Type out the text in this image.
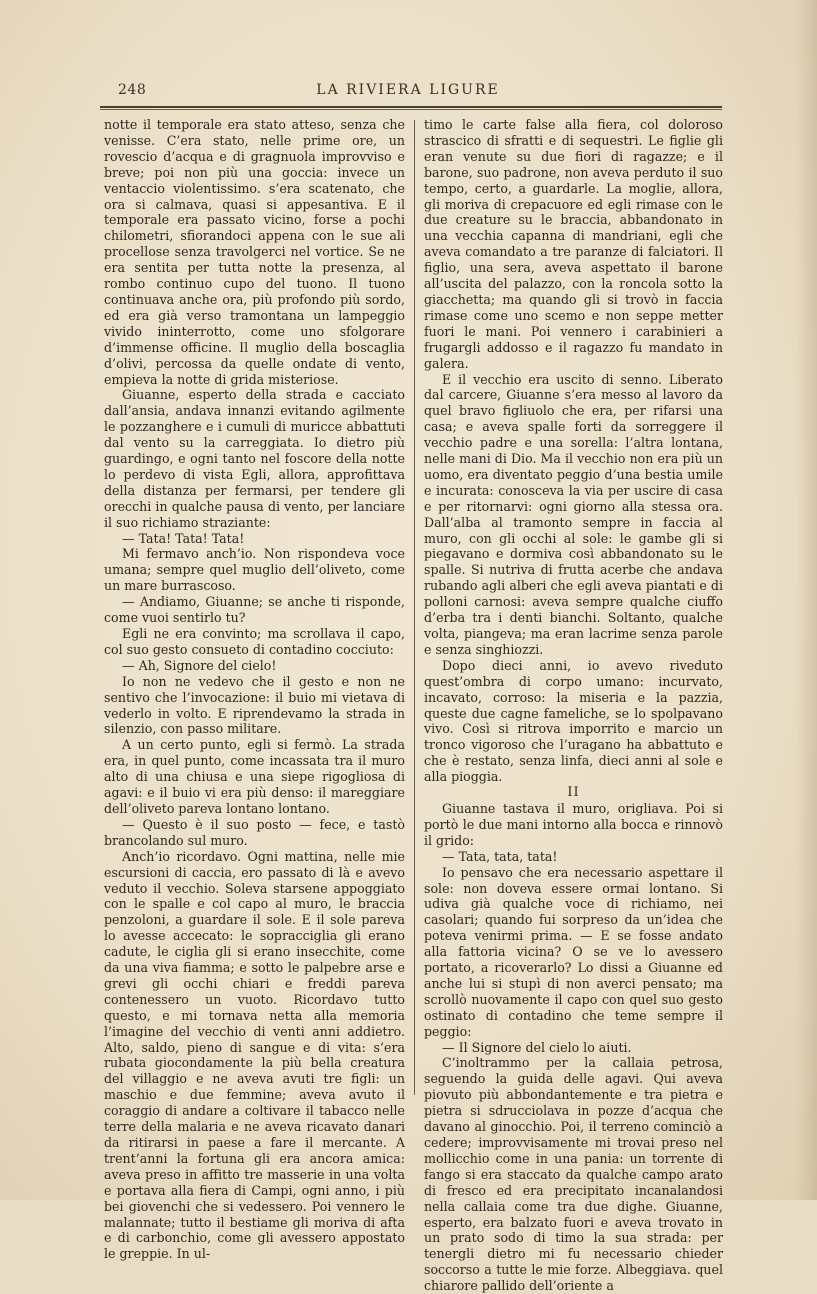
248	LA RIVIERA LIGURE

notte il temporale era stato atteso, senza che venisse. C’era stato, nelle prime ore, un rovescio d’acqua e di gragnuola improvviso e breve; poi non più una goccia: invece un ventaccio violentissimo. s’era scatenato, che ora si calmava, quasi si appesantiva. E il temporale era passato vicino, forse a pochi chilometri, sfiorandoci appena con le sue ali procellose senza travolgerci nel vortice. Se ne era sentita per tutta notte la presenza, al rombo continuo cupo del tuono. Il tuono continuava anche ora, più profondo più sordo, ed era già verso tramontana un lampeggio vivido ininterrotto, come uno sfolgorare d’immense officine. Il muglio della boscaglia d’olivi, percossa da quelle ondate di vento, empieva la notte di grida misteriose.

Giuanne, esperto della strada e cacciato dall’ansia, andava innanzi evitando agilmente le pozzanghere e i cumuli di muricce abbattuti dal vento su la carreggiata. Io dietro più guardingo, e ogni tanto nel foscore della notte lo perdevo di vista Egli, allora, approfittava della distanza per fermarsi, per tendere gli orecchi in qualche pausa di vento, per lanciare il suo richiamo straziante:

— Tata! Tata! Tata!

Mi fermavo anch’io. Non rispondeva voce umana; sempre quel muglio dell’oliveto, come un mare burrascoso.

— Andiamo, Giuanne; se anche ti risponde, come vuoi sentirlo tu?

Egli ne era convinto; ma scrollava il capo, col suo gesto consueto di contadino cocciuto:

— Ah, Signore del cielo!

Io non ne vedevo che il gesto e non ne sentivo che l’invocazione: il buio mi vietava di vederlo in volto. E riprendevamo la strada in silenzio, con passo militare.

A un certo punto, egli si fermò. La strada era, in quel punto, come incassata tra il muro alto di una chiusa e una siepe rigogliosa di agavi: e il buio vi era più denso: il mareggiare dell’oliveto pareva lontano lontano.

— Questo è il suo posto — fece, e tastò brancolando sul muro.

Anch’io ricordavo. Ogni mattina, nelle mie escursioni di caccia, ero passato di là e avevo veduto il vecchio. Soleva starsene appoggiato con le spalle e col capo al muro, le braccia penzoloni, a guardare il sole. E il sole pareva lo avesse accecato: le sopracciglia gli erano cadute, le ciglia gli si erano insecchite, come da una viva fiamma; e sotto le palpebre arse e grevi gli occhi chiari e freddi pareva contenessero un vuoto. Ricordavo tutto questo, e mi tornava netta alla memoria l’imagine del vecchio di venti anni addietro. Alto, saldo, pieno di sangue e di vita: s’era rubata giocondamente la più bella creatura del villaggio e ne aveva avuti tre figli: un maschio e due femmine; aveva avuto il coraggio di andare a coltivare il tabacco nelle terre della malaria e ne aveva ricavato danari da ritirarsi in paese a fare il mercante. A trent’anni la fortuna gli era ancora amica: aveva preso in affitto tre masserie in una volta e portava alla fiera di Campi, ogni anno, i più bei giovenchi che si vedessero. Poi vennero le malannate; tutto il bestiame gli moriva di afta e di carbonchio, come gli avessero appostato le greppie. In ul-

timo le carte false alla fiera, col doloroso strascico di sfratti e di sequestri. Le figlie gli eran venute su due fiori di ragazze; e il barone, suo padrone, non aveva perduto il suo tempo, certo, a guardarle. La moglie, allora, gli moriva di crepacuore ed egli rimase con le due creature su le braccia, abbandonato in una vecchia capanna di mandriani, egli che aveva comandato a tre paranze di falciatori. Il figlio, una sera, aveva aspettato il barone all’uscita del palazzo, con la roncola sotto la giacchetta; ma quando gli si trovò in faccia rimase come uno scemo e non seppe metter fuori le mani. Poi vennero i carabinieri a frugargli addosso e il ragazzo fu mandato in galera.

E il vecchio era uscito di senno. Liberato dal carcere, Giuanne s’era messo al lavoro da quel bravo figliuolo che era, per rifarsi una casa; e aveva spalle forti da sorreggere il vecchio padre e una sorella: l’altra lontana, nelle mani di Dio. Ma il vecchio non era più un uomo, era diventato peggio d’una bestia umile e incurata: conosceva la via per uscire di casa e per ritornarvi: ogni giorno alla stessa ora. Dall’alba al tramonto sempre in faccia al muro, con gli occhi al sole: le gambe gli si piegavano e dormiva così abbandonato su le spalle. Si nutriva di frutta acerbe che andava rubando agli alberi che egli aveva piantati e di polloni carnosi: aveva sempre qualche ciuffo d’erba tra i denti bianchi. Soltanto, qualche volta, piangeva; ma eran lacrime senza parole e senza singhiozzi.

Dopo dieci anni, io avevo riveduto quest’ombra di corpo umano: incurvato, incavato, corroso: la miseria e la pazzia, queste due cagne fameliche, se lo spolpavano vivo. Così si ritrova imporrito e marcio un tronco vigoroso che l’uragano ha abbattuto e che è restato, senza linfa, dieci anni al sole e alla pioggia.

II

Giuanne tastava il muro, origliava. Poi si portò le due mani intorno alla bocca e rinnovò il grido:

— Tata, tata, tata!

Io pensavo che era necessario aspettare il sole: non doveva essere ormai lontano. Si udiva già qualche voce di richiamo, nei casolari; quando fui sorpreso da un’idea che poteva venirmi prima. — E se fosse andato alla fattoria vicina? O se ve lo avessero portato, a ricoverarlo? Lo dissi a Giuanne ed anche lui si stupì di non averci pensato; ma scrollò nuovamente il capo con quel suo gesto ostinato di contadino che teme sempre il peggio:

— Il Signore del cielo lo aiuti.

C’inoltrammo per la callaia petrosa, seguendo la guida delle agavi. Qui aveva piovuto più abbondantemente e tra pietra e pietra si sdrucciolava in pozze d’acqua che davano al ginocchio. Poi, il terreno cominciò a cedere; improvvisamente mi trovai preso nel mollicchio come in una pania: un torrente di fango si era staccato da qualche campo arato di fresco ed era precipitato incanalandosi nella callaia come tra due dighe. Giuanne, esperto, era balzato fuori e aveva trovato in un prato sodo di timo la sua strada: per tenergli dietro mi fu necessario chieder soccorso a tutte le mie forze. Albeggiava. quel chiarore pallido dell’oriente a
